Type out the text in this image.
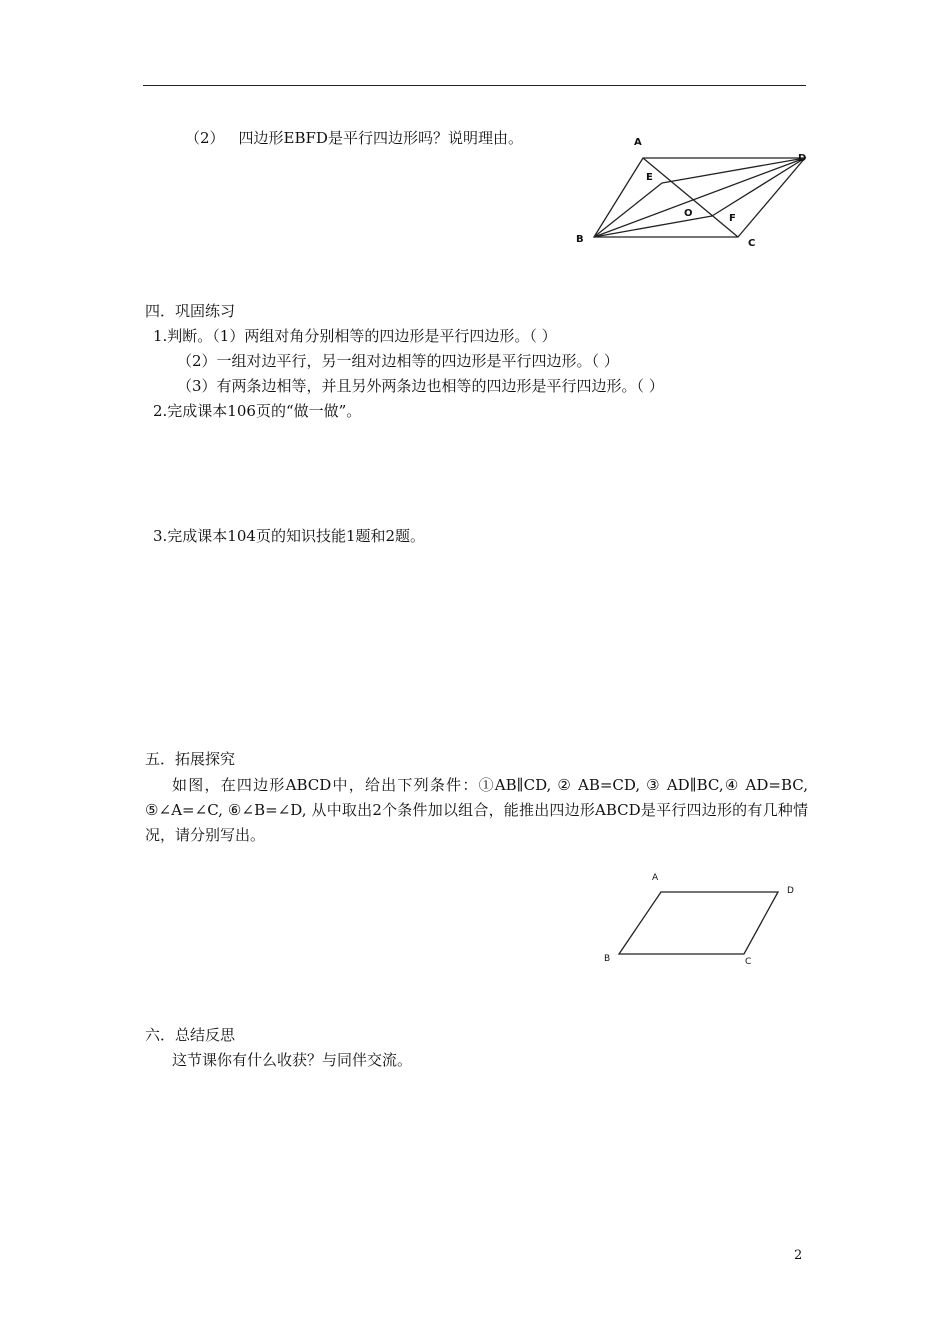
（2） 四边形EBFD是平行四边形吗？说明理由。	A
D
E
O	F
B	C
四．巩固练习
1.判断。（1）两组对角分别相等的四边形是平行四边形。（ ）
（2）一组对边平行，另一组对边相等的四边形是平行四边形。（ ）
（3）有两条边相等，并且另外两条边也相等的四边形是平行四边形。（ ）
2.完成课本106页的“做一做”。
3.完成课本104页的知识技能1题和2题。
五．拓展探究
如图，在四边形ABCD中，给出下列条件：①AB∥CD, ② AB=CD, ③ AD∥BC,④ AD=BC, ⑤∠A=∠C, ⑥∠B=∠D, 从中取出2个条件加以组合，能推出四边形ABCD是平行四边形的有几种情况，请分别写出。
A
D
B	C
六．总结反思
这节课你有什么收获？与同伴交流。
2
